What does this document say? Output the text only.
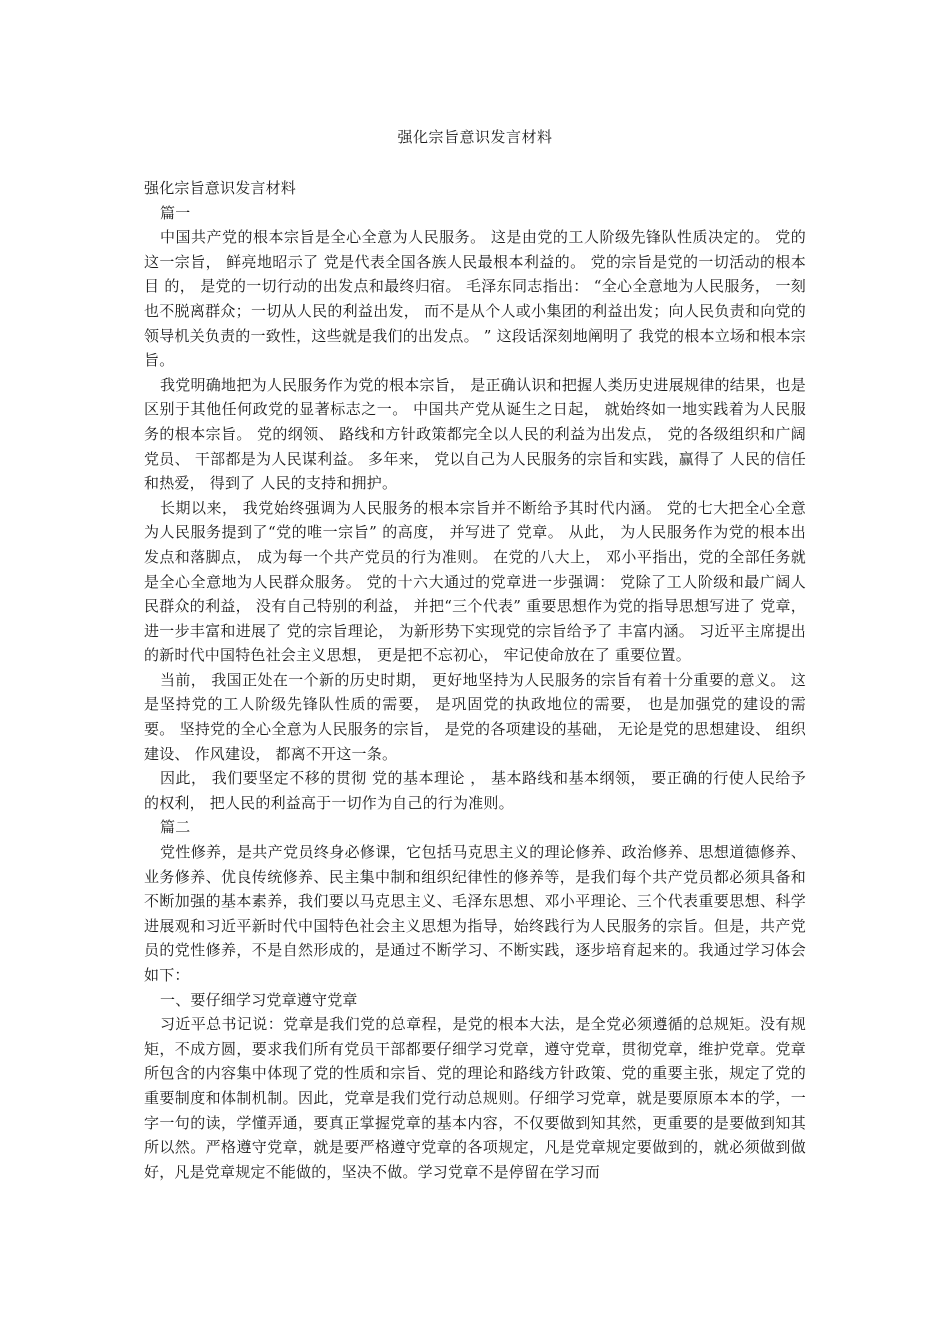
强化宗旨意识发言材料

强化宗旨意识发言材料

篇一

中国共产党的根本宗旨是全心全意为人民服务。 这是由党的工人阶级先锋队性质决定的。 党的这一宗旨， 鲜亮地昭示了 党是代表全国各族人民最根本利益的。 党的宗旨是党的一切活动的根本目 的， 是党的一切行动的出发点和最终归宿。 毛泽东同志指出： “全心全意地为人民服务， 一刻也不脱离群众；一切从人民的利益出发， 而不是从个人或小集团的利益出发；向人民负责和向党的领导机关负责的一致性，这些就是我们的出发点。 ” 这段话深刻地阐明了 我党的根本立场和根本宗旨。

我党明确地把为人民服务作为党的根本宗旨， 是正确认识和把握人类历史进展规律的结果，也是区别于其他任何政党的显著标志之一。 中国共产党从诞生之日起， 就始终如一地实践着为人民服务的根本宗旨。 党的纲领、 路线和方针政策都完全以人民的利益为出发点， 党的各级组织和广阔党员、 干部都是为人民谋利益。 多年来， 党以自己为人民服务的宗旨和实践，赢得了 人民的信任和热爱， 得到了 人民的支持和拥护。

长期以来， 我党始终强调为人民服务的根本宗旨并不断给予其时代内涵。 党的七大把全心全意为人民服务提到了“党的唯一宗旨” 的高度， 并写进了 党章。 从此， 为人民服务作为党的根本出发点和落脚点， 成为每一个共产党员的行为准则。 在党的八大上， 邓小平指出，党的全部任务就是全心全意地为人民群众服务。 党的十六大通过的党章进一步强调： 党除了工人阶级和最广阔人民群众的利益， 没有自己特别的利益， 并把“三个代表” 重要思想作为党的指导思想写进了 党章， 进一步丰富和进展了 党的宗旨理论， 为新形势下实现党的宗旨给予了 丰富内涵。 习近平主席提出的新时代中国特色社会主义思想， 更是把不忘初心， 牢记使命放在了 重要位置。

当前， 我国正处在一个新的历史时期， 更好地坚持为人民服务的宗旨有着十分重要的意义。 这是坚持党的工人阶级先锋队性质的需要， 是巩固党的执政地位的需要， 也是加强党的建设的需要。 坚持党的全心全意为人民服务的宗旨， 是党的各项建设的基础， 无论是党的思想建设、 组织建设、 作风建设， 都离不开这一条。

因此， 我们要坚定不移的贯彻 党的基本理论 ， 基本路线和基本纲领， 要正确的行使人民给予的权利， 把人民的利益高于一切作为自己的行为准则。

篇二

党性修养，是共产党员终身必修课，它包括马克思主义的理论修养、政治修养、思想道德修养、业务修养、优良传统修养、民主集中制和组织纪律性的修养等，是我们每个共产党员都必须具备和不断加强的基本素养，我们要以马克思主义、毛泽东思想、邓小平理论、三个代表重要思想、科学进展观和习近平新时代中国特色社会主义思想为指导，始终践行为人民服务的宗旨。但是，共产党员的党性修养，不是自然形成的，是通过不断学习、不断实践，逐步培育起来的。我通过学习体会如下：

一、要仔细学习党章遵守党章

习近平总书记说：党章是我们党的总章程，是党的根本大法，是全党必须遵循的总规矩。没有规矩，不成方圆，要求我们所有党员干部都要仔细学习党章，遵守党章，贯彻党章，维护党章。党章所包含的内容集中体现了党的性质和宗旨、党的理论和路线方针政策、党的重要主张，规定了党的重要制度和体制机制。因此，党章是我们党行动总规则。仔细学习党章，就是要原原本本的学，一字一句的读，学懂弄通，要真正掌握党章的基本内容，不仅要做到知其然，更重要的是要做到知其所以然。严格遵守党章，就是要严格遵守党章的各项规定，凡是党章规定要做到的，就必须做到做好，凡是党章规定不能做的，坚决不做。学习党章不是停留在学习而
